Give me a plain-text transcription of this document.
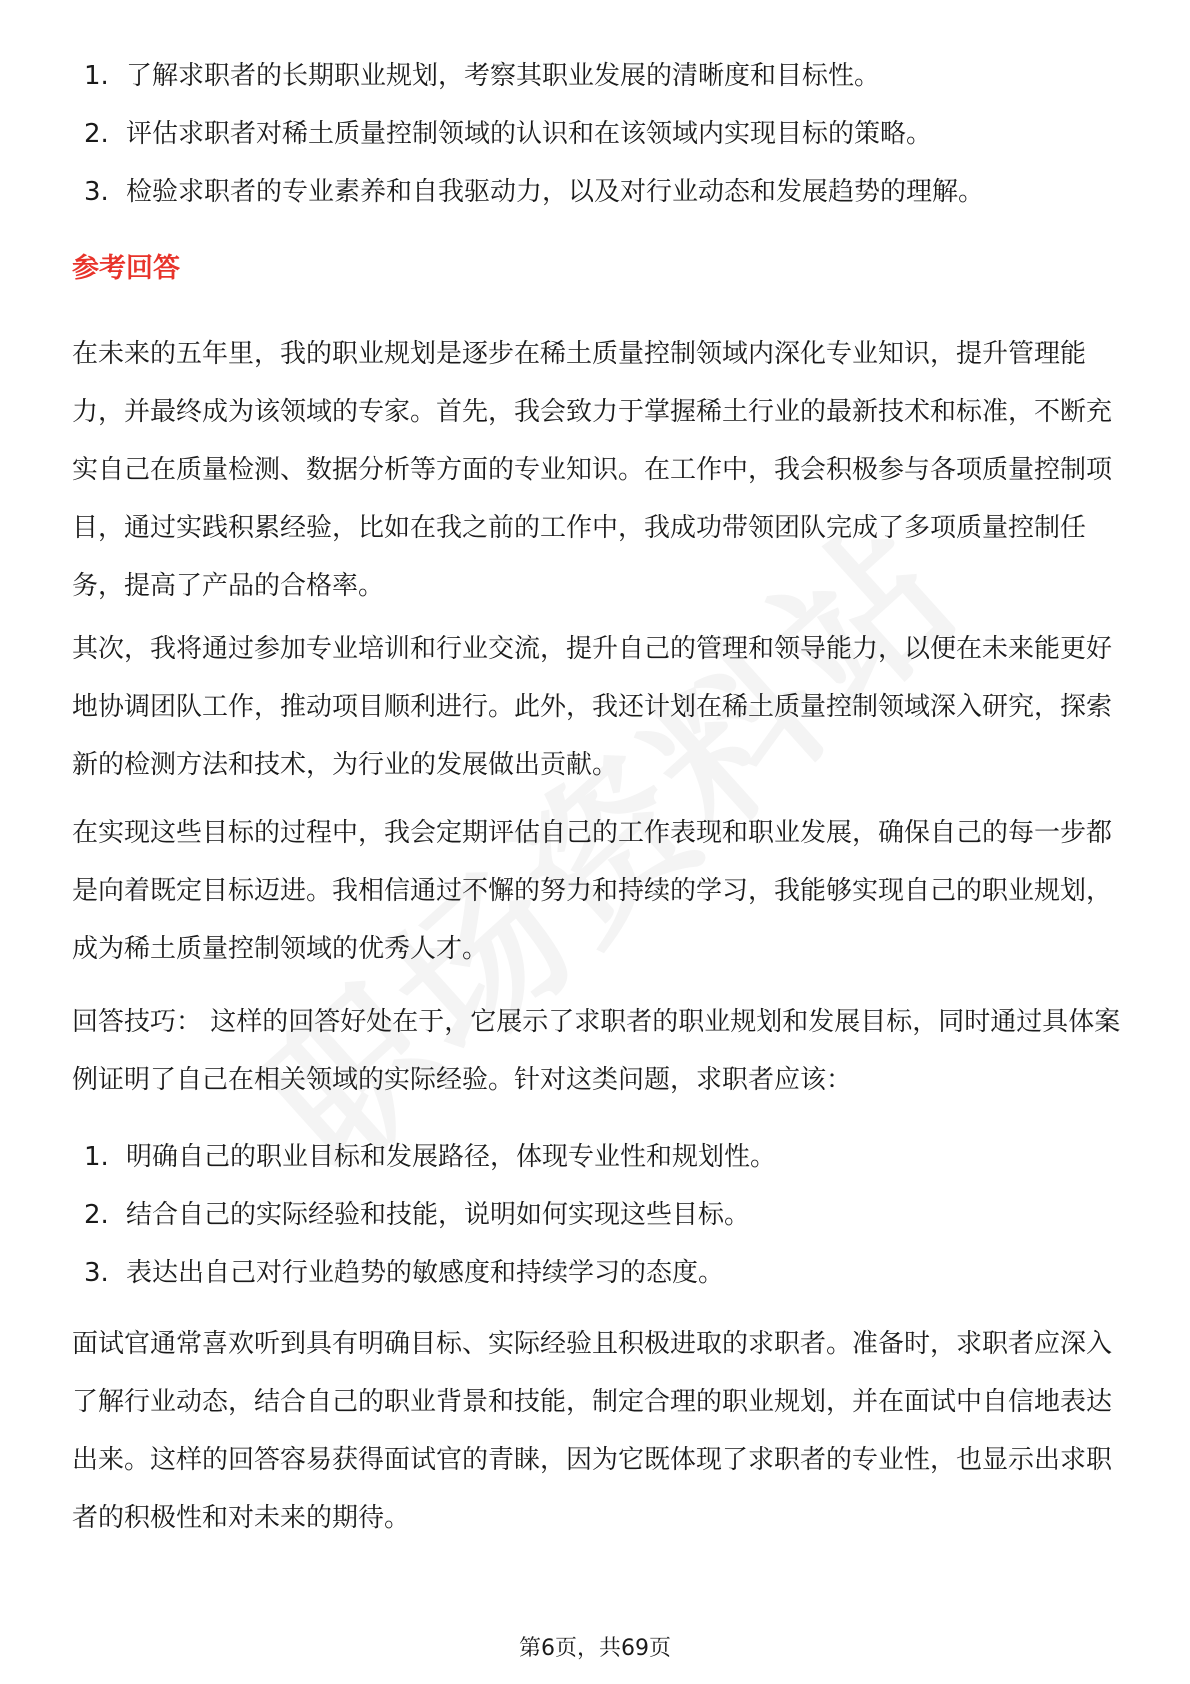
1. 了解求职者的长期职业规划，考察其职业发展的清晰度和目标性。
2. 评估求职者对稀土质量控制领域的认识和在该领域内实现目标的策略。
3. 检验求职者的专业素养和自我驱动力，以及对行业动态和发展趋势的理解。
参考回答

在未来的五年里，我的职业规划是逐步在稀土质量控制领域内深化专业知识，提升管理能力，并最终成为该领域的专家。首先，我会致力于掌握稀土行业的最新技术和标准，不断充实自己在质量检测、数据分析等方面的专业知识。在工作中，我会积极参与各项质量控制项目，通过实践积累经验，比如在我之前的工作中，我成功带领团队完成了多项质量控制任务，提高了产品的合格率。

其次，我将通过参加专业培训和行业交流，提升自己的管理和领导能力，以便在未来能更好地协调团队工作，推动项目顺利进行。此外，我还计划在稀土质量控制领域深入研究，探索新的检测方法和技术，为行业的发展做出贡献。

在实现这些目标的过程中，我会定期评估自己的工作表现和职业发展，确保自己的每一步都是向着既定目标迈进。我相信通过不懈的努力和持续的学习，我能够实现自己的职业规划，成为稀土质量控制领域的优秀人才。

回答技巧： 这样的回答好处在于，它展示了求职者的职业规划和发展目标，同时通过具体案例证明了自己在相关领域的实际经验。针对这类问题，求职者应该：

1. 明确自己的职业目标和发展路径，体现专业性和规划性。
2. 结合自己的实际经验和技能，说明如何实现这些目标。
3. 表达出自己对行业趋势的敏感度和持续学习的态度。

面试官通常喜欢听到具有明确目标、实际经验且积极进取的求职者。准备时，求职者应深入了解行业动态，结合自己的职业背景和技能，制定合理的职业规划，并在面试中自信地表达出来。这样的回答容易获得面试官的青睐，因为它既体现了求职者的专业性，也显示出求职者的积极性和对未来的期待。

第6页，共69页
